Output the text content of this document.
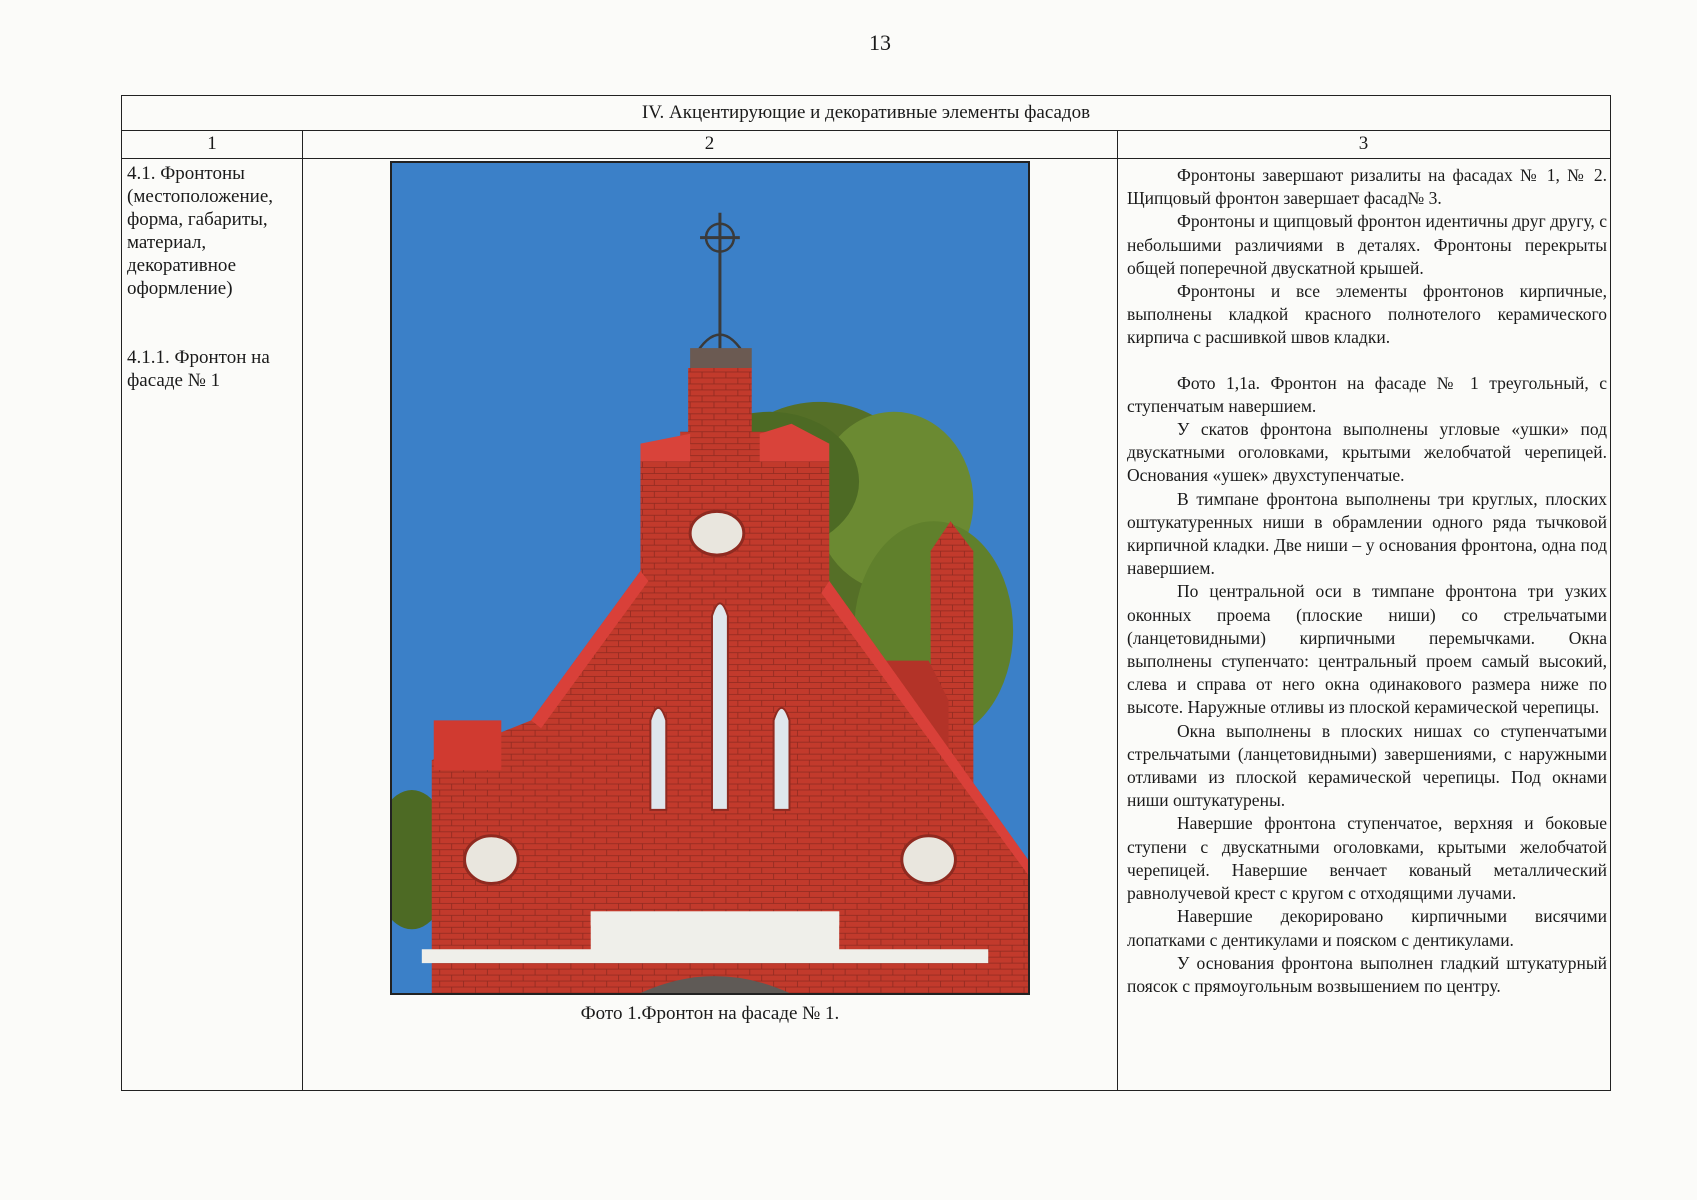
13
IV. Акцентирующие и декоративные элементы фасадов
1	2	3

4.1. Фронтоны (местоположение, форма, габариты, материал, декоративное оформление)

4.1.1. Фронтон на фасаде № 1

Фото 1.Фронтон на фасаде № 1.

Фронтоны завершают ризалиты на фасадах № 1, № 2. Щипцовый фронтон завершает фасад№ 3.

Фронтоны и щипцовый фронтон идентичны друг другу, с небольшими различиями в деталях. Фронтоны перекрыты общей поперечной двускатной крышей.

Фронтоны и все элементы фронтонов кирпичные, выполнены кладкой красного полнотелого керамического кирпича с расшивкой швов кладки.

Фото 1,1а. Фронтон на фасаде № 1 треугольный, с ступенчатым навершием.

У скатов фронтона выполнены угловые «ушки» под двускатными оголовками, крытыми желобчатой черепицей. Основания «ушек» двухступенчатые.

В тимпане фронтона выполнены три круглых, плоских оштукатуренных ниши в обрамлении одного ряда тычковой кирпичной кладки. Две ниши – у основания фронтона, одна под навершием.

По центральной оси в тимпане фронтона три узких оконных проема (плоские ниши) со стрельчатыми (ланцетовидными) кирпичными перемычками. Окна выполнены ступенчато: центральный проем самый высокий, слева и справа от него окна одинакового размера ниже по высоте. Наружные отливы из плоской керамической черепицы.

Окна выполнены в плоских нишах со ступенчатыми стрельчатыми (ланцетовидными) завершениями, с наружными отливами из плоской керамической черепицы. Под окнами ниши оштукатурены.

Навершие фронтона ступенчатое, верхняя и боковые ступени с двускатными оголовками, крытыми желобчатой черепицей. Навершие венчает кованый металлический равнолучевой крест с кругом с отходящими лучами.

Навершие декорировано кирпичными висячими лопатками с дентикулами и пояском с дентикулами.

У основания фронтона выполнен гладкий штукатурный поясок с прямоугольным возвышением по центру.
